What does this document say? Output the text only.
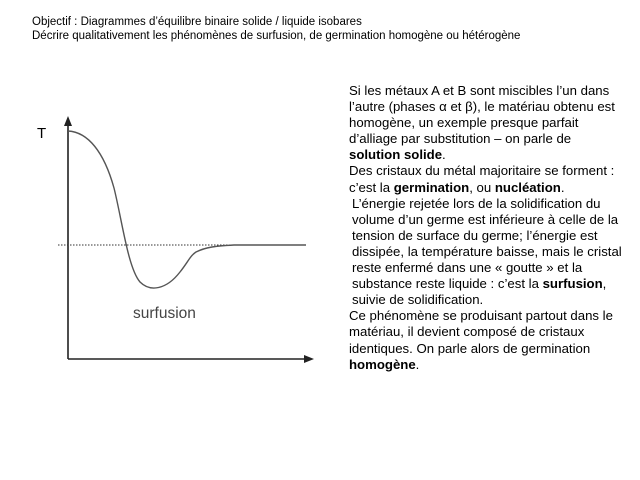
Objectif : Diagrammes d’équilibre binaire solide / liquide isobares
Décrire qualitativement les phénomènes de surfusion, de germination homogène ou hétérogène
T
surfusion

Si les métaux A et B sont miscibles l’un dans l’autre (phases α et β), le matériau obtenu est homogène, un exemple presque parfait d’alliage par substitution – on parle de solution solide.

Des cristaux du métal majoritaire se forment : c’est la germination, ou nucléation.

L’énergie rejetée lors de la solidification du volume d’un germe est inférieure à celle de la tension de surface du germe; l’énergie est dissipée, la température baisse, mais le cristal reste enfermé dans une « goutte » et la substance reste liquide : c’est la surfusion, suivie de solidification.

Ce phénomène se produisant partout dans le matériau, il devient composé de cristaux identiques. On parle alors de germination homogène.
